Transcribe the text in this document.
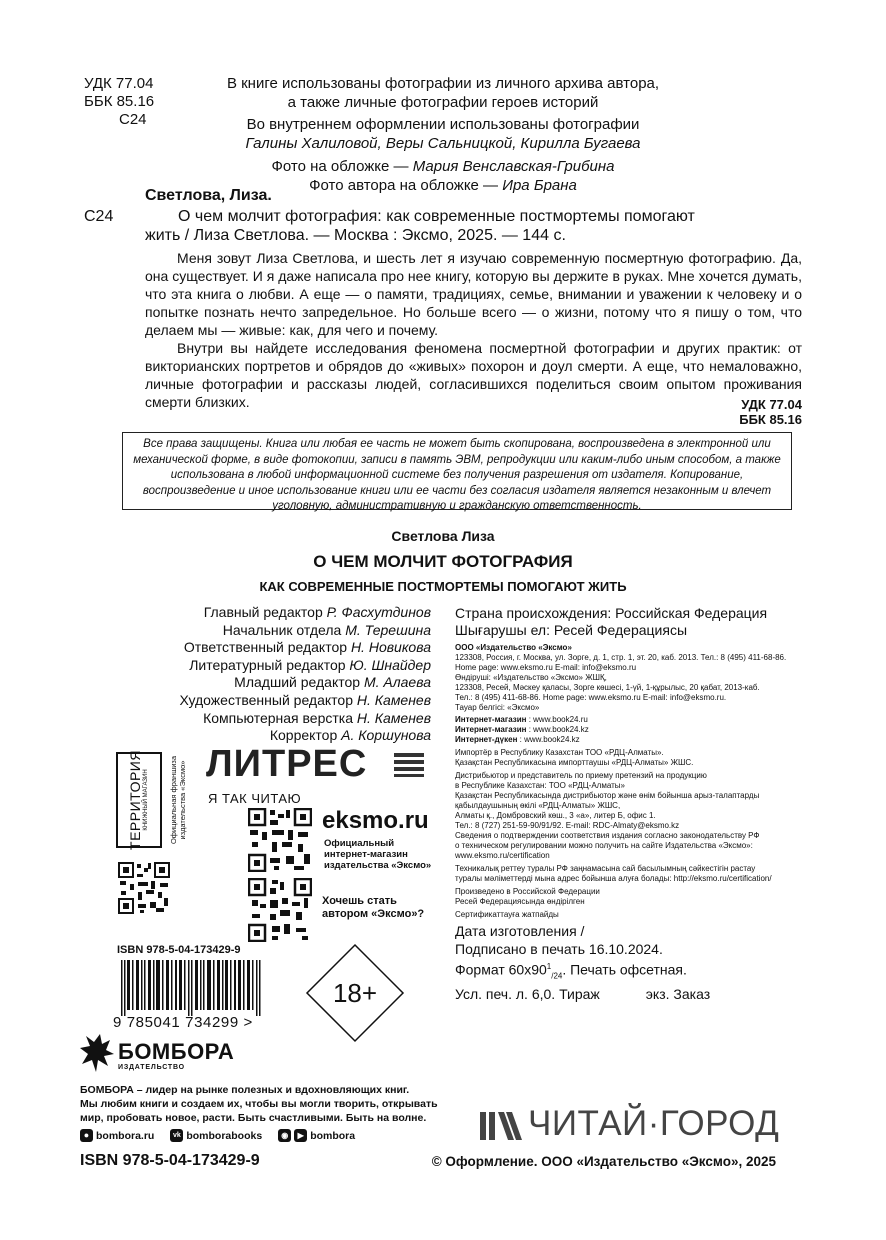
УДК 77.04
ББК 85.16
С24
В книге использованы фотографии из личного архива автора,
а также личные фотографии героев историй
Во внутреннем оформлении использованы фотографии
Галины Халиловой, Веры Сальницкой, Кирилла Бугаева
Фото на обложке — Мария Венславская-Грибина
Фото автора на обложке — Ира Брана
Светлова, Лиза.
С24	О чем молчит фотография: как современные постмортемы помогают
жить / Лиза Светлова. — Москва : Эксмо, 2025. — 144 с.
Меня зовут Лиза Светлова, и шесть лет я изучаю современную посмертную фотографию. Да, она существует. И я даже написала про нее книгу, которую вы держите в руках. Мне хочется думать, что эта книга о любви. А еще — о памяти, традициях, семье, внимании и уважении к человеку и о попытке познать нечто запредельное. Но больше всего — о жизни, потому что я пишу о том, что делаем мы — живые: как, для чего и почему.
Внутри вы найдете исследования феномена посмертной фотографии и других практик: от викторианских портретов и обрядов до «живых» похорон и доул смерти. А еще, что немаловажно, личные фотографии и рассказы людей, согласившихся поделиться своим опытом проживания смерти близких.	УДК 77.04
ББК 85.16
Все права защищены. Книга или любая ее часть не может быть скопирована, воспроизведена в электронной или механической форме, в виде фотокопии, записи в память ЭВМ, репродукции или каким-либо иным способом, а также использована в любой информационной системе без получения разрешения от издателя. Копирование, воспроизведение и иное использование книги или ее части без согласия издателя является незаконным и влечет уголовную, административную и гражданскую ответственность.
Светлова Лиза
О ЧЕМ МОЛЧИТ ФОТОГРАФИЯ
КАК СОВРЕМЕННЫЕ ПОСТМОРТЕМЫ ПОМОГАЮТ ЖИТЬ
Главный редактор Р. Фасхутдинов
Начальник отдела М. Терешина
Ответственный редактор Н. Новикова
Литературный редактор Ю. Шнайдер
Младший редактор М. Алаева
Художественный редактор Н. Каменев
Компьютерная верстка Н. Каменев
Корректор А. Коршунова
Страна происхождения: Российская Федерация
Шығарушы ел: Ресей Федерациясы
ООО «Издательство «Эксмо»
123308, Россия, г. Москва, ул. Зорге, д. 1, стр. 1, эт. 20, каб. 2013. Тел.: 8 (495) 411-68-86.
Home page: www.eksmo.ru E-mail: info@eksmo.ru
Өндіруші: «Издательство «Эксмо» ЖШҚ,
123308, Ресей, Мәскеу қаласы, Зорге көшесі, 1-үй, 1-құрылыс, 20 қабат, 2013-каб.
Тел.: 8 (495) 411-68-86. Home page: www.eksmo.ru E-mail: info@eksmo.ru.
Тауар белгісі: «Эксмо»
Интернет-магазин : www.book24.ru
Интернет-магазин : www.book24.kz
Интернет-дүкен : www.book24.kz
Импортёр в Республику Казахстан ТОО «РДЦ-Алматы».
Қазақстан Республикасына импорттаушы «РДЦ-Алматы» ЖШС.
Дистрибьютор и представитель по приему претензий на продукцию
в Республике Казахстан: ТОО «РДЦ-Алматы»
Қазақстан Республикасында дистрибьютор және өнім бойынша арыз-талаптарды
қабылдаушының өкілі «РДЦ-Алматы» ЖШС,
Алматы қ., Домбровский көш., 3 «а», литер Б, офис 1.
Тел.: 8 (727) 251-59-90/91/92. E-mail: RDC-Almaty@eksmo.kz
Сведения о подтверждении соответствия издания согласно законодательству РФ
о техническом регулировании можно получить на сайте Издательства «Эксмо»:
www.eksmo.ru/certification
Техникалық реттеу туралы РФ заңнамасына сай басылымның сәйкестігін растау
туралы мәліметтерді мына адрес бойынша алуға болады: http://eksmo.ru/certification/
Произведено в Российской Федерации
Ресей Федерациясында өндірілген
Сертификаттауға жатпайды
Дата изготовления /
Подписано в печать 16.10.2024.
Формат $60х90^1_{/24}$. Печать офсетная.
Усл. печ. л. 6,0. Тираж	экз. Заказ
ТЕРРИТОРИЯ КНИЖНЫЙ МАГАЗИН	Официальная франшиза издательства «Эксмо» ЛИТРЕС
Я ТАК ЧИТАЮ
eksmo.ru
Официальный
интернет-магазин
издательства «Эксмо»
Хочешь стать
автором «Эксмо»?
18+
ISBN 978-5-04-173429-9
9 785041 734299 >
БОМБОРА
ИЗДАТЕЛЬСТВО
БОМБОРА – лидер на рынке полезных и вдохновляющих книг.
Мы любим книги и создаем их, чтобы вы могли творить, открывать
мир, пробовать новое, расти. Быть счастливыми. Быть на волне.
● bombora.ru	vk bomborabooks	◉	▶ bombora	ЧИТАЙ·ГОРОД
ISBN 978-5-04-173429-9	© Оформление. ООО «Издательство «Эксмо», 2025
